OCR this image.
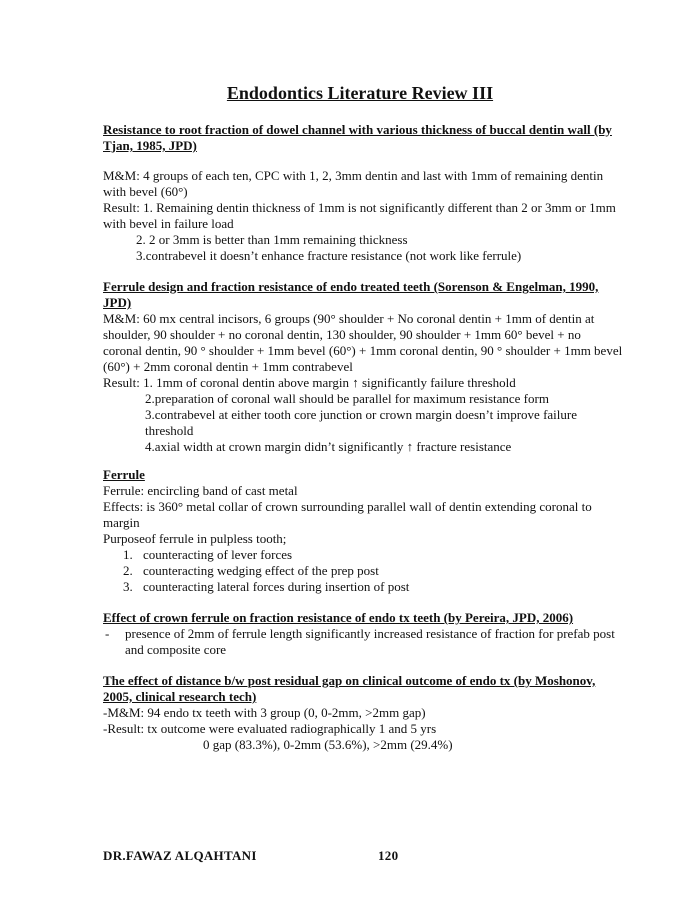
Endodontics Literature Review III
Resistance to root fraction of dowel channel with various thickness of buccal dentin wall (by Tjan, 1985, JPD)

M&M: 4 groups of each ten, CPC with 1, 2, 3mm dentin and last with 1mm of remaining dentin with bevel (60°)

Result: 1. Remaining dentin thickness of 1mm is not significantly different than 2 or 3mm or 1mm with bevel in failure load

2. 2 or 3mm is better than 1mm remaining thickness

3.contrabevel it doesn’t enhance fracture resistance (not work like ferrule)

Ferrule design and fraction resistance of endo treated teeth (Sorenson & Engelman, 1990, JPD)

M&M: 60 mx central incisors, 6 groups (90° shoulder + No coronal dentin + 1mm of dentin at shoulder, 90 shoulder + no coronal dentin, 130 shoulder, 90 shoulder + 1mm 60° bevel + no coronal dentin, 90 ° shoulder + 1mm bevel (60°) + 1mm coronal dentin, 90 ° shoulder + 1mm bevel (60°) + 2mm coronal dentin + 1mm contrabevel

Result: 1. 1mm of coronal dentin above margin ↑ significantly failure threshold

2.preparation of coronal wall should be parallel for maximum resistance form

3.contrabevel at either tooth core junction or crown margin doesn’t improve failure threshold

4.axial width at crown margin didn’t significantly ↑ fracture resistance

Ferrule

Ferrule: encircling band of cast metal

Effects: is 360° metal collar of crown surrounding parallel wall of dentin extending coronal to margin

Purposeof ferrule in pulpless tooth;

1. counteracting of lever forces
2. counteracting wedging effect of the prep post
3. counteracting lateral forces during insertion of post
Effect of crown ferrule on fraction resistance of endo tx teeth (by Pereira, JPD, 2006)

- presence of 2mm of ferrule length significantly increased resistance of fraction for prefab post and composite core

The effect of distance b/w post residual gap on clinical outcome of endo tx (by Moshonov, 2005, clinical research tech)

-M&M: 94 endo tx teeth with 3 group (0, 0-2mm, >2mm gap)

-Result: tx outcome were evaluated radiographically 1 and 5 yrs

0 gap (83.3%), 0-2mm (53.6%), >2mm (29.4%)

DR.FAWAZ ALQAHTANI	120
